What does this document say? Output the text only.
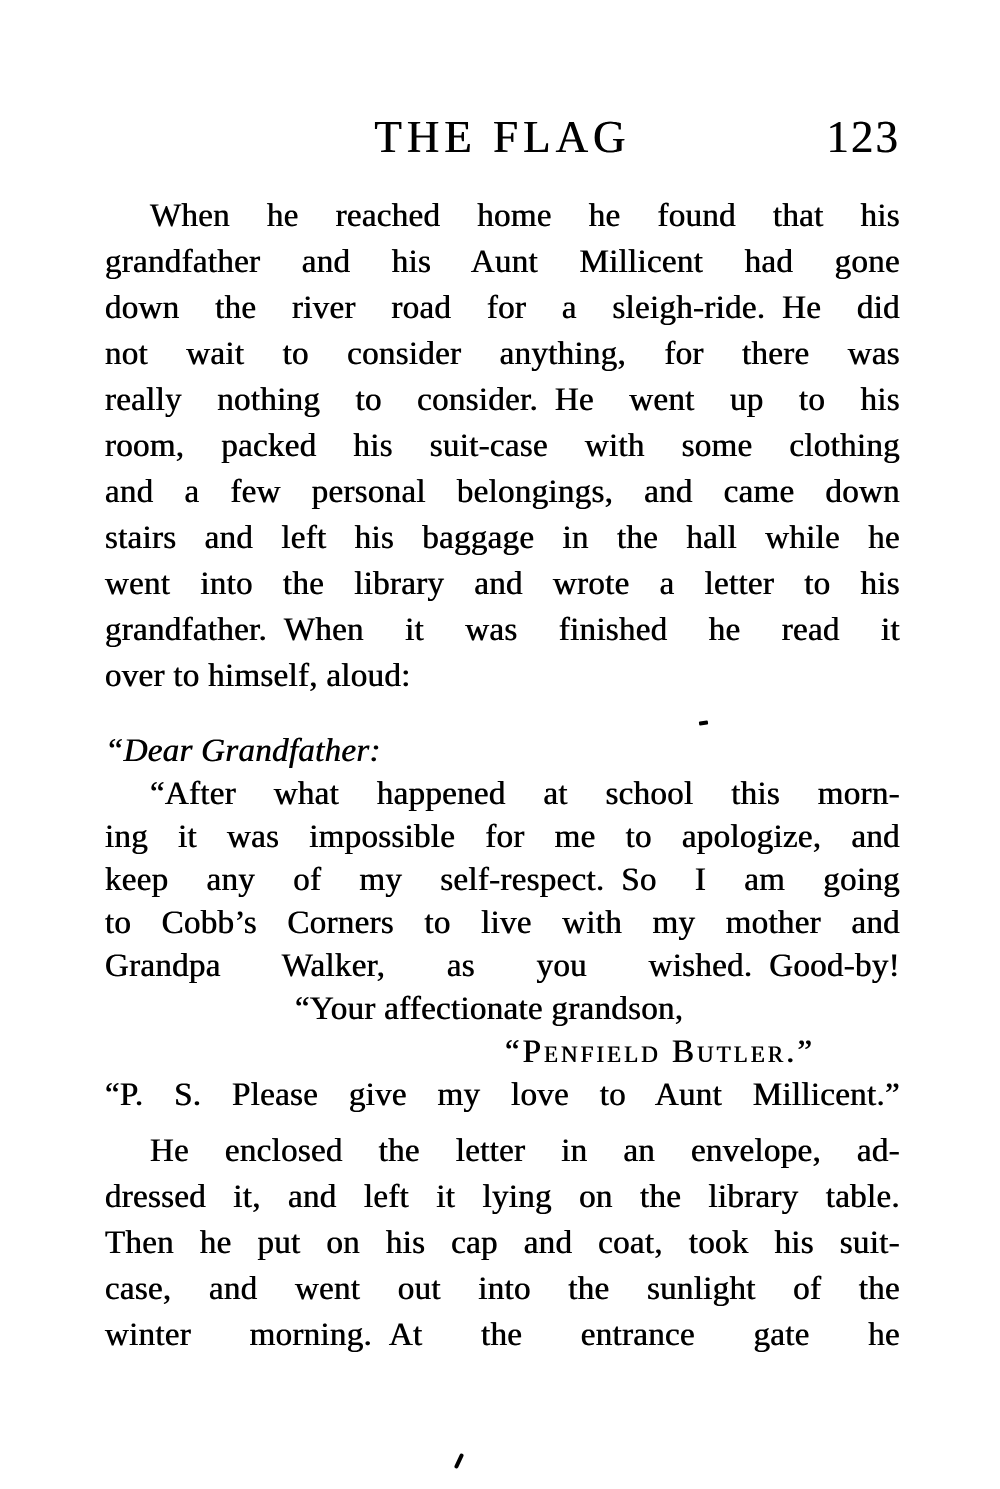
THE FLAG	123
When he reached home he found that his
grandfather and his Aunt Millicent had gone
down the river road for a sleigh-ride. He did
not wait to consider anything, for there was
really nothing to consider. He went up to his
room, packed his suit-case with some clothing
and a few personal belongings, and came down
stairs and left his baggage in the hall while he
went into the library and wrote a letter to his
grandfather. When it was finished he read it
over to himself, aloud:
“Dear Grandfather:
“After what happened at school this morn-
ing it was impossible for me to apologize, and
keep any of my self-respect. So I am going
to Cobb’s Corners to live with my mother and
Grandpa Walker, as you wished. Good-by!
“Your affectionate grandson,
“Penfield Butler.”
“P. S. Please give my love to Aunt Millicent.”
He enclosed the letter in an envelope, ad-
dressed it, and left it lying on the library table.
Then he put on his cap and coat, took his suit-
case, and went out into the sunlight of the
winter morning. At the entrance gate he
